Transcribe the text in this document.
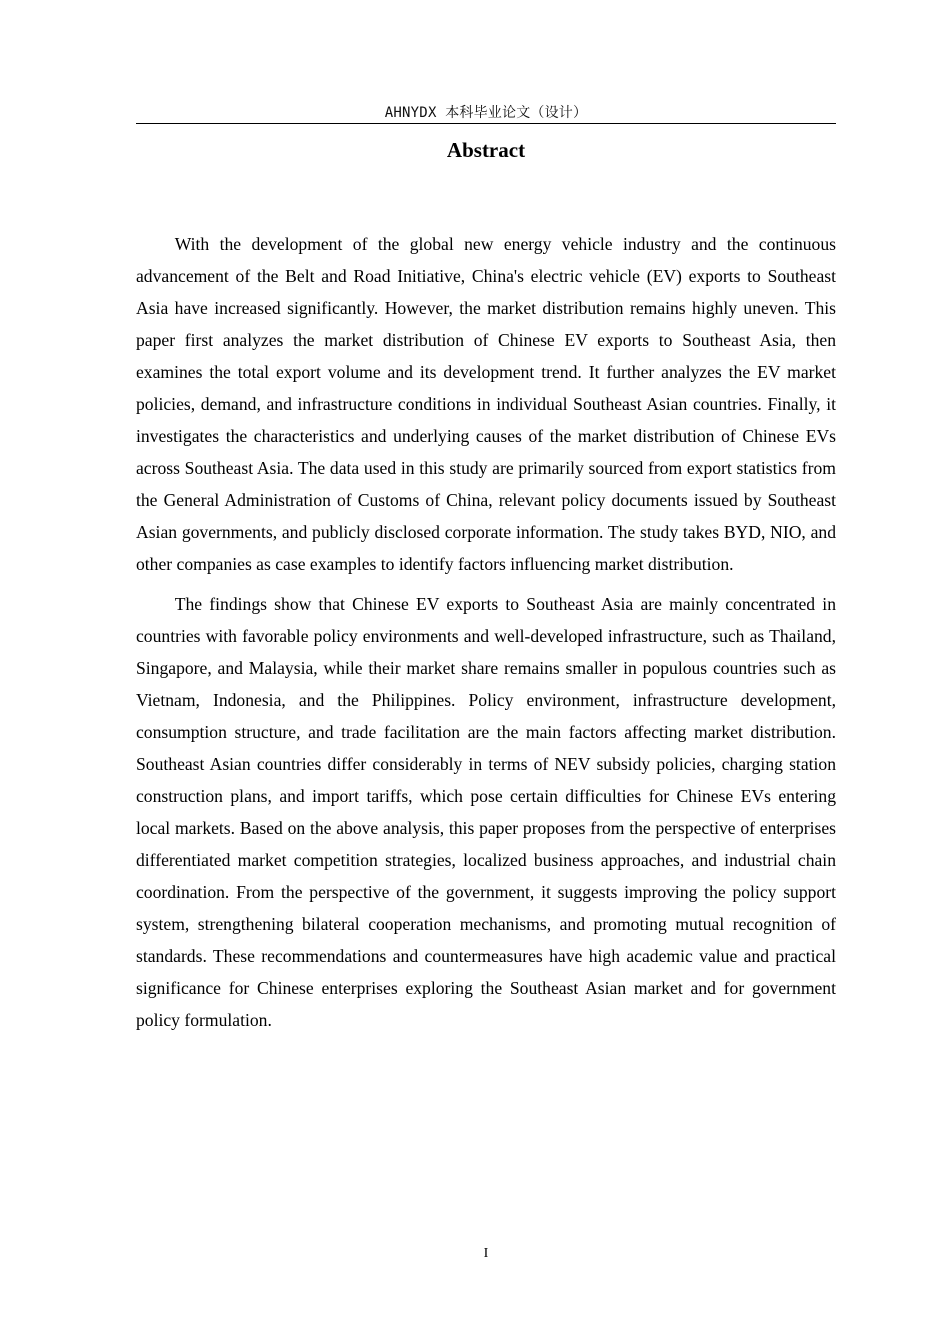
AHNYDX 本科毕业论文（设计）
Abstract

With the development of the global new energy vehicle industry and the continuous advancement of the Belt and Road Initiative, China's electric vehicle (EV) exports to Southeast Asia have increased significantly. However, the market distribution remains highly uneven. This paper first analyzes the market distribution of Chinese EV exports to Southeast Asia, then examines the total export volume and its development trend. It further analyzes the EV market policies, demand, and infrastructure conditions in individual Southeast Asian countries. Finally, it investigates the characteristics and underlying causes of the market distribution of Chinese EVs across Southeast Asia. The data used in this study are primarily sourced from export statistics from the General Administration of Customs of China, relevant policy documents issued by Southeast Asian governments, and publicly disclosed corporate information. The study takes BYD, NIO, and other companies as case examples to identify factors influencing market distribution.

The findings show that Chinese EV exports to Southeast Asia are mainly concentrated in countries with favorable policy environments and well-developed infrastructure, such as Thailand, Singapore, and Malaysia, while their market share remains smaller in populous countries such as Vietnam, Indonesia, and the Philippines. Policy environment, infrastructure development, consumption structure, and trade facilitation are the main factors affecting market distribution. Southeast Asian countries differ considerably in terms of NEV subsidy policies, charging station construction plans, and import tariffs, which pose certain difficulties for Chinese EVs entering local markets. Based on the above analysis, this paper proposes from the perspective of enterprises differentiated market competition strategies, localized business approaches, and industrial chain coordination. From the perspective of the government, it suggests improving the policy support system, strengthening bilateral cooperation mechanisms, and promoting mutual recognition of standards. These recommendations and countermeasures have high academic value and practical significance for Chinese enterprises exploring the Southeast Asian market and for government policy formulation.

I
